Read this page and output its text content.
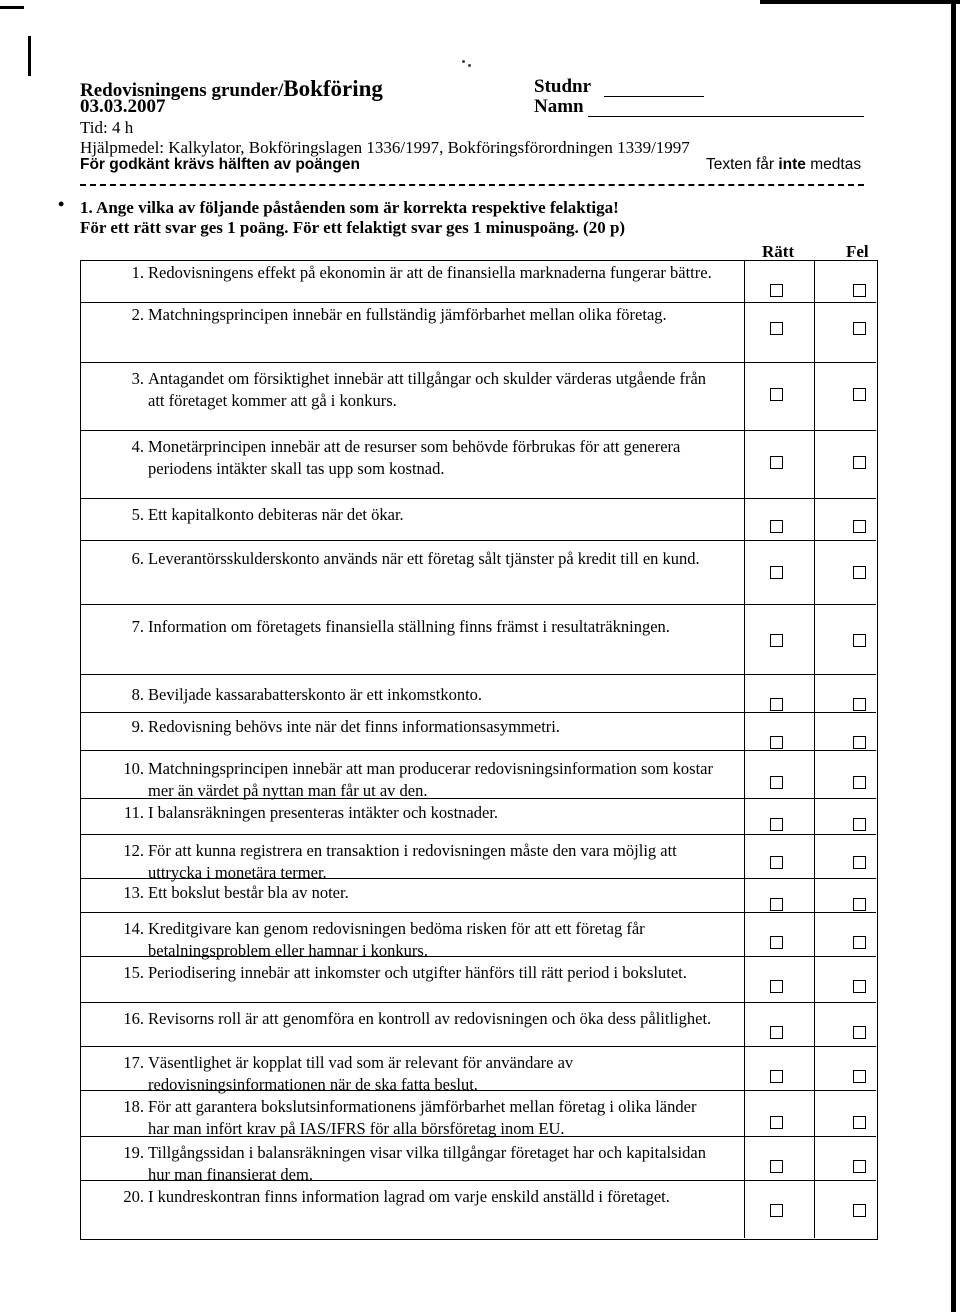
Redovisningens grunder/Bokföring
03.03.2007
Tid: 4 h
Hjälpmedel: Kalkylator, Bokföringslagen 1336/1997, Bokföringsförordningen 1339/1997
För godkänt krävs hälften av poängen	Texten får inte medtas
Studnr
Namn
• 1. Ange vilka av följande påståenden som är korrekta respektive felaktiga!
För ett rätt svar ges 1 poäng. För ett felaktigt svar ges 1 minuspoäng. (20 p)
Rätt	Fel
1. Redovisningens effekt på ekonomin är att de finansiella marknaderna fungerar bättre.
2. Matchningsprincipen innebär en fullständig jämförbarhet mellan olika företag.
3. Antagandet om försiktighet innebär att tillgångar och skulder värderas utgående från att företaget kommer att gå i konkurs.
4. Monetärprincipen innebär att de resurser som behövde förbrukas för att generera periodens intäkter skall tas upp som kostnad.
5. Ett kapitalkonto debiteras när det ökar.
6. Leverantörsskulderskonto används när ett företag sålt tjänster på kredit till en kund.
7. Information om företagets finansiella ställning finns främst i resultaträkningen.
8. Beviljade kassarabatterskonto är ett inkomstkonto.
9. Redovisning behövs inte när det finns informationsasymmetri.
10. Matchningsprincipen innebär att man producerar redovisningsinformation som kostar mer än värdet på nyttan man får ut av den.
11. I balansräkningen presenteras intäkter och kostnader.
12. För att kunna registrera en transaktion i redovisningen måste den vara möjlig att uttrycka i monetära termer.
13. Ett bokslut består bla av noter.
14. Kreditgivare kan genom redovisningen bedöma risken för att ett företag får betalningsproblem eller hamnar i konkurs.
15. Periodisering innebär att inkomster och utgifter hänförs till rätt period i bokslutet.
16. Revisorns roll är att genomföra en kontroll av redovisningen och öka dess pålitlighet.
17. Väsentlighet är kopplat till vad som är relevant för användare av redovisningsinformationen när de ska fatta beslut.
18. För att garantera bokslutsinformationens jämförbarhet mellan företag i olika länder har man infört krav på IAS/IFRS för alla börsföretag inom EU.
19. Tillgångssidan i balansräkningen visar vilka tillgångar företaget har och kapitalsidan hur man finansierat dem.
20. I kundreskontran finns information lagrad om varje enskild anställd i företaget.
